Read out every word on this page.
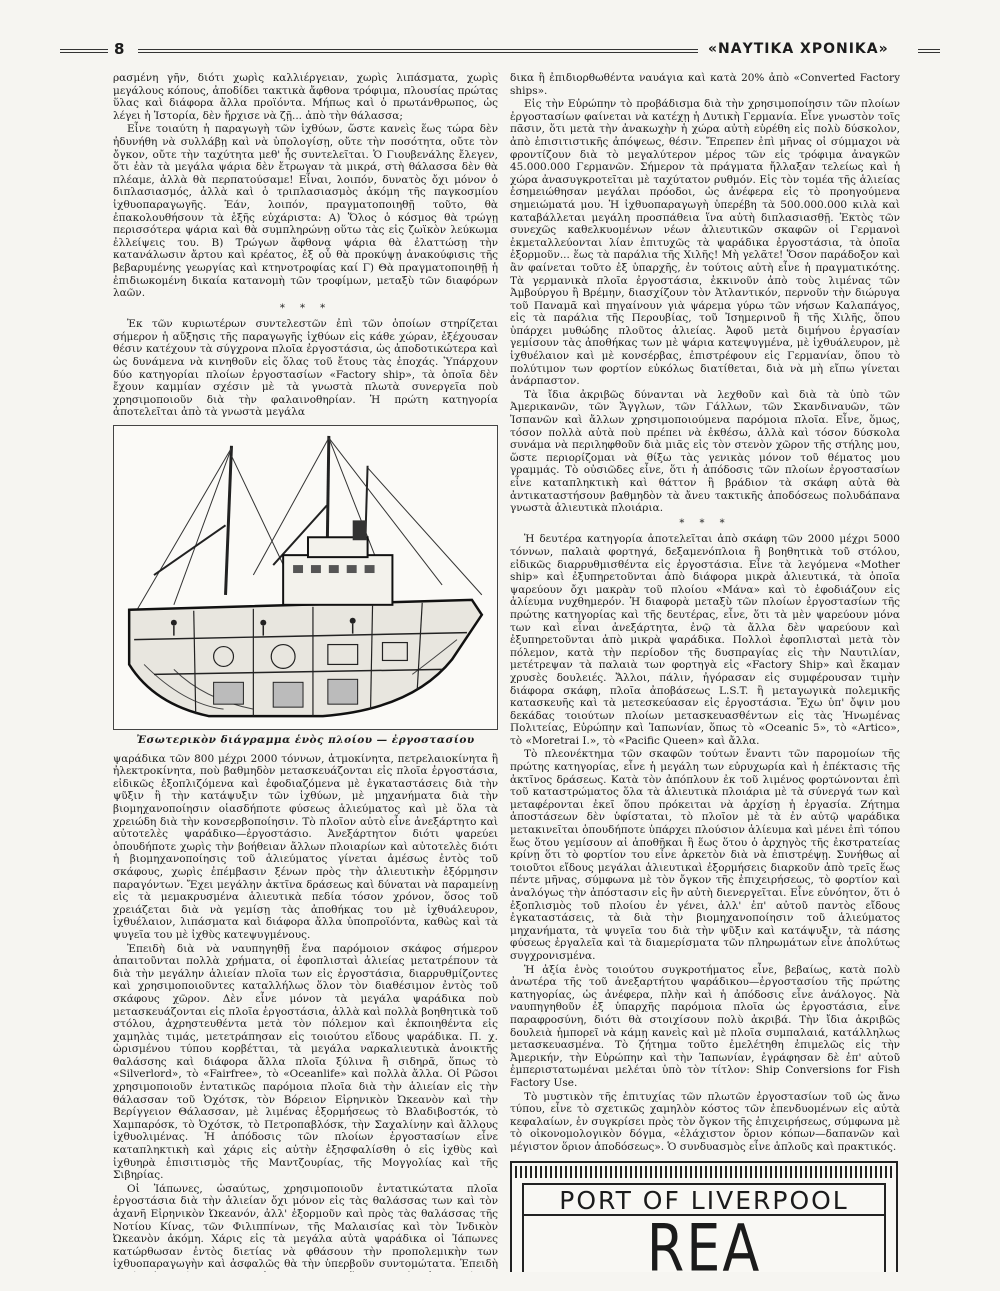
8	«ΝΑΥΤΙΚΑ ΧΡΟΝΙΚΑ»

ρασμένη γῆν, διότι χωρὶς καλλιέργειαν, χωρὶς λιπάσματα, χωρὶς μεγάλους κόπους, ἀποδίδει τακτικὰ ἄφθονα τρόφιμα, πλουσίας πρώτας ὕλας καὶ διάφορα ἄλλα προϊόντα. Μήπως καὶ ὁ πρωτάνθρωπος, ὡς λέγει ἡ Ἱστορία, δὲν ἤρχισε νὰ ζῇ... ἀπὸ τὴν θάλασσα;

Εἶνε τοιαύτη ἡ παραγωγὴ τῶν ἰχθύων, ὥστε κανεὶς ἕως τώρα δὲν ἠδυνήθη νὰ συλλάβῃ καὶ νὰ ὑπολογίσῃ, οὔτε τὴν ποσότητα, οὔτε τὸν ὄγκον, οὔτε τὴν ταχύτητα μεθ' ἧς συντελεῖται. Ὁ Γιουβενάλης ἔλεγεν, ὅτι ἐὰν τὰ μεγάλα ψάρια δὲν ἔτρωγαν τὰ μικρά, στὴ θάλασσα δὲν θὰ πλέαμε, ἀλλὰ θὰ περπατούσαμε! Εἶναι, λοιπόν, δυνατὸς ὄχι μόνον ὁ διπλασιασμός, ἀλλὰ καὶ ὁ τριπλασιασμὸς ἀκόμη τῆς παγκοσμίου ἰχθυοπαραγωγῆς. Ἐάν, λοιπόν, πραγματοποιηθῇ τοῦτο, θὰ ἐπακολουθήσουν τὰ ἑξῆς εὐχάριστα: Α) Ὅλος ὁ κόσμος θὰ τρώγῃ περισσότερα ψάρια καὶ θὰ συμπληρώνῃ οὕτω τὰς εἰς ζωϊκὸν λεύκωμα ἐλλείψεις του. Β) Τρώγων ἄφθονα ψάρια θὰ ἐλαττώσῃ τὴν κατανάλωσιν ἄρτου καὶ κρέατος, ἐξ οὗ θὰ προκύψῃ ἀνακούφισις τῆς βεβαρυμένης γεωργίας καὶ κτηνοτροφίας καί Γ) Θὰ πραγματοποιηθῇ ἡ ἐπιδιωκομένη δικαία κατανομὴ τῶν τροφίμων, μεταξὺ τῶν διαφόρων λαῶν.

* * *

Ἐκ τῶν κυριωτέρων συντελεστῶν ἐπὶ τῶν ὁποίων στηρίζεται σήμερον ἡ αὔξησις τῆς παραγωγῆς ἰχθύων εἰς κάθε χώραν, ἐξέχουσαν θέσιν κατέχουν τὰ σύγχρονα πλοῖα ἐργοστάσια, ὡς ἀποδοτικώτερα καὶ ὡς δυνάμενα νὰ κινηθοῦν εἰς ὅλας τοῦ ἔτους τὰς ἐποχάς. Ὑπάρχουν δύο κατηγορίαι πλοίων ἐργοστασίων «Factory ship», τὰ ὁποῖα δὲν ἔχουν καμμίαν σχέσιν μὲ τὰ γνωστὰ πλωτὰ συνεργεῖα ποὺ χρησιμοποιοῦν διὰ τὴν φαλαινοθηρίαν. Ἡ πρώτη κατηγορία ἀποτελεῖται ἀπὸ τὰ γνωστὰ μεγάλα

Ἐσωτερικὸν διάγραμμα ἑνὸς πλοίου — ἐργοστασίου

ψαράδικα τῶν 800 μέχρι 2000 τόννων, ἀτμοκίνητα, πετρελαιοκίνητα ἢ ἠλεκτροκίνητα, ποὺ βαθμηδὸν μετασκευάζονται εἰς πλοῖα ἐργοστάσια, εἰδικῶς ἐξοπλιζόμενα καὶ ἐφοδιαζόμενα μὲ ἐγκαταστάσεις διὰ τὴν ψῦξιν ἢ τὴν κατάψυξιν τῶν ἰχθύων, μὲ μηχανήματα διὰ τὴν βιομηχανοποίησιν οἱασδήποτε φύσεως ἁλιεύματος καὶ μὲ ὅλα τὰ χρειώδη διὰ τὴν κονσερβοποίησιν. Τὸ πλοῖον αὐτὸ εἶνε ἀνεξάρτητο καὶ αὐτοτελὲς ψαράδικο—ἐργοστάσιο. Ἀνεξάρτητον διότι ψαρεύει ὁπουδήποτε χωρὶς τὴν βοήθειαν ἄλλων πλοιαρίων καὶ αὐτοτελὲς διότι ἡ βιομηχανοποίησις τοῦ ἁλιεύματος γίνεται ἀμέσως ἐντὸς τοῦ σκάφους, χωρὶς ἐπέμβασιν ξένων πρὸς τὴν ἁλιευτικὴν ἐξόρμησιν παραγόντων. Ἔχει μεγάλην ἀκτῖνα δράσεως καὶ δύναται νὰ παραμείνῃ εἰς τὰ μεμακρυσμένα ἁλιευτικὰ πεδία τόσον χρόνον, ὅσος τοῦ χρειάζεται διὰ νὰ γεμίσῃ τὰς ἀποθήκας του μὲ ἰχθυάλευρον, ἰχθυέλαιον, λιπάσματα καὶ διάφορα ἄλλα ὑποπροϊόντα, καθὼς καὶ τὰ ψυγεῖα του μὲ ἰχθὺς κατεψυγμένους.

Ἐπειδὴ διὰ νὰ ναυπηγηθῇ ἕνα παρόμοιον σκάφος σήμερον ἀπαιτοῦνται πολλὰ χρήματα, οἱ ἐφοπλισταὶ ἁλιείας μετατρέπουν τὰ διὰ τὴν μεγάλην ἁλιείαν πλοῖα των εἰς ἐργοστάσια, διαρρυθμίζοντες καὶ χρησιμοποιοῦντες καταλλήλως ὅλον τὸν διαθέσιμον ἐντὸς τοῦ σκάφους χῶρον. Δὲν εἶνε μόνον τὰ μεγάλα ψαράδικα ποὺ μετασκευάζονται εἰς πλοῖα ἐργοστάσια, ἀλλὰ καὶ πολλὰ βοηθητικὰ τοῦ στόλου, ἀχρηστευθέντα μετὰ τὸν πόλεμον καὶ ἐκποιηθέντα εἰς χαμηλὰς τιμάς, μετετράπησαν εἰς τοιούτου εἴδους ψαράδικα. Π. χ. ὡρισμένου τύπου κορβέτται, τὰ μεγάλα ναρκαλιευτικὰ ἀνοικτῆς θαλάσσης καὶ διάφορα ἄλλα πλοῖα ξύλινα ἢ σιδηρᾶ, ὅπως τὸ «Silverlord», τὸ «Fairfree», τὸ «Oceanlife» καὶ πολλὰ ἄλλα. Οἱ Ρῶσοι χρησιμοποιοῦν ἐντατικῶς παρόμοια πλοῖα διὰ τὴν ἁλιείαν εἰς τὴν θάλασσαν τοῦ Ὀχότσκ, τὸν Βόρειον Εἰρηνικὸν Ὠκεανὸν καὶ τὴν Βερίγγειον Θάλασσαν, μὲ λιμένας ἐξορμήσεως τὸ Βλαδιβοστόκ, τὸ Χαμπαρόσκ, τὸ Ὀχότσκ, τὸ Πετροπαβλόσκ, τὴν Σαχαλίνην καὶ ἄλλους ἰχθυολιμένας. Ἡ ἀπόδοσις τῶν πλοίων ἐργοστασίων εἶνε καταπληκτικὴ καὶ χάρις εἰς αὐτὴν ἐξησφαλίσθη ὁ εἰς ἰχθὺς καὶ ἰχθυηρὰ ἐπισιτισμὸς τῆς Μαντζουρίας, τῆς Μογγολίας καὶ τῆς Σιβηρίας.

Οἱ Ἰάπωνες, ὡσαύτως, χρησιμοποιοῦν ἐντατικώτατα πλοῖα ἐργοστάσια διὰ τὴν ἁλιείαν ὄχι μόνον εἰς τὰς θαλάσσας των καὶ τὸν ἀχανῆ Εἰρηνικὸν Ὠκεανόν, ἀλλ' ἐξορμοῦν καὶ πρὸς τὰς θαλάσσας τῆς Νοτίου Κίνας, τῶν Φιλιππίνων, τῆς Μαλαισίας καὶ τὸν Ἰνδικὸν Ὠκεανὸν ἀκόμη. Χάρις εἰς τὰ μεγάλα αὐτὰ ψαράδικα οἱ Ἰάπωνες κατώρθωσαν ἐντὸς διετίας νὰ φθάσουν τὴν προπολεμικὴν των ἰχθυοπαραγωγὴν καὶ ἀσφαλῶς θὰ τὴν ὑπερβοῦν συντομώτατα. Ἐπειδὴ

δικα ἢ ἐπιδιορθωθέντα ναυάγια καὶ κατὰ 20% ἀπὸ «Converted Factory ships».

Εἰς τὴν Εὐρώπην τὸ προβάδισμα διὰ τὴν χρησιμοποίησιν τῶν πλοίων ἐργοστασίων φαίνεται νὰ κατέχῃ ἡ Δυτικὴ Γερμανία. Εἶνε γνωστὸν τοῖς πᾶσιν, ὅτι μετὰ τὴν ἀνακωχὴν ἡ χώρα αὐτὴ εὑρέθη εἰς πολὺ δύσκολον, ἀπὸ ἐπισιτιστικῆς ἀπόψεως, θέσιν. Ἔπρεπεν ἐπὶ μῆνας οἱ σύμμαχοι νὰ φροντίζουν διὰ τὸ μεγαλύτερον μέρος τῶν εἰς τρόφιμα ἀναγκῶν 45.000.000 Γερμανῶν. Σήμερον τὰ πράγματα ἤλλαξαν τελείως καὶ ἡ χώρα ἀνασυγκροτεῖται μὲ ταχύτατον ρυθμόν. Εἰς τὸν τομέα τῆς ἁλιείας ἐσημειώθησαν μεγάλαι πρόοδοι, ὡς ἀνέφερα εἰς τὸ προηγούμενα σημειώματά μου. Ἡ ἰχθυοπαραγωγὴ ὑπερέβη τὰ 500.000.000 κιλὰ καὶ καταβάλλεται μεγάλη προσπάθεια ἵνα αὐτὴ διπλασιασθῇ. Ἐκτὸς τῶν συνεχῶς καθελκυομένων νέων ἁλιευτικῶν σκαφῶν οἱ Γερμανοὶ ἐκμεταλλεύονται λίαν ἐπιτυχῶς τὰ ψαράδικα ἐργοστάσια, τὰ ὁποῖα ἐξορμοῦν... ἕως τὰ παράλια τῆς Χιλῆς! Μὴ γελᾶτε! Ὅσον παράδοξον καὶ ἂν φαίνεται τοῦτο ἐξ ὑπαρχῆς, ἐν τούτοις αὐτὴ εἶνε ἡ πραγματικότης. Τὰ γερμανικὰ πλοῖα ἐργοστάσια, ἐκκινοῦν ἀπὸ τοὺς λιμένας τῶν Ἀμβούργου ἢ Βρέμην, διασχίζουν τὸν Ἀτλαντικόν, περνοῦν τὴν διώρυγα τοῦ Παναμᾶ καὶ πηγαίνουν γιὰ ψάρεμα γύρω τῶν νήσων Καλαπάγος, εἰς τὰ παράλια τῆς Περουβίας, τοῦ Ἰσημερινοῦ ἢ τῆς Χιλῆς, ὅπου ὑπάρχει μυθώδης πλοῦτος ἁλιείας. Ἀφοῦ μετὰ διμήνου ἐργασίαν γεμίσουν τὰς ἀποθήκας των μὲ ψάρια κατεψυγμένα, μὲ ἰχθυάλευρον, μὲ ἰχθυέλαιον καὶ μὲ κονσέρβας, ἐπιστρέφουν εἰς Γερμανίαν, ὅπου τὸ πολύτιμον των φορτίον εὐκόλως διατίθεται, διὰ νὰ μὴ εἴπω γίνεται ἀνάρπαστον.

Τὰ ἴδια ἀκριβῶς δύνανται νὰ λεχθοῦν καὶ διὰ τὰ ὑπὸ τῶν Ἀμερικανῶν, τῶν Ἄγγλων, τῶν Γάλλων, τῶν Σκανδιναυῶν, τῶν Ἰσπανῶν καὶ ἄλλων χρησιμοποιούμενα παρόμοια πλοῖα. Εἶνε, ὅμως, τόσον πολλὰ αὐτὰ ποὺ πρέπει νὰ ἐκθέσω, ἀλλὰ καὶ τόσον δύσκολα συνάμα νὰ περιληφθοῦν διὰ μιᾶς εἰς τὸν στενὸν χῶρον τῆς στήλης μου, ὥστε περιορίζομαι νὰ θίξω τὰς γενικὰς μόνον τοῦ θέματος μου γραμμάς. Τὸ οὐσιῶδες εἶνε, ὅτι ἡ ἀπόδοσις τῶν πλοίων ἐργοστασίων εἶνε καταπληκτικὴ καὶ θάττον ἢ βράδιον τὰ σκάφη αὐτὰ θὰ ἀντικαταστήσουν βαθμηδὸν τὰ ἄνευ τακτικῆς ἀποδόσεως πολυδάπανα γνωστὰ ἁλιευτικὰ πλοιάρια.

* * *

Ἡ δευτέρα κατηγορία ἀποτελεῖται ἀπὸ σκάφη τῶν 2000 μέχρι 5000 τόννων, παλαιὰ φορτηγά, δεξαμενόπλοια ἢ βοηθητικὰ τοῦ στόλου, εἰδικῶς διαρρυθμισθέντα εἰς ἐργοστάσια. Εἶνε τὰ λεγόμενα «Mother ship» καὶ ἐξυπηρετοῦνται ἀπὸ διάφορα μικρὰ ἁλιευτικά, τὰ ὁποῖα ψαρεύουν ὄχι μακρὰν τοῦ πλοίου «Μάνα» καὶ τὸ ἐφοδιάζουν εἰς ἁλίευμα νυχθημερόν. Ἡ διαφορὰ μεταξὺ τῶν πλοίων ἐργοστασίων τῆς πρώτης κατηγορίας καὶ τῆς δευτέρας, εἶνε, ὅτι τὰ μὲν ψαρεύουν μόνα των καὶ εἶναι ἀνεξάρτητα, ἐνῷ τὰ ἄλλα δὲν ψαρεύουν καὶ ἐξυπηρετοῦνται ἀπὸ μικρὰ ψαράδικα. Πολλοὶ ἐφοπλισταὶ μετὰ τὸν πόλεμον, κατὰ τὴν περίοδον τῆς δυσπραγίας εἰς τὴν Ναυτιλίαν, μετέτρεψαν τὰ παλαιὰ των φορτηγὰ εἰς «Factory Ship» καὶ ἔκαμαν χρυσὲς δουλειές. Ἄλλοι, πάλιν, ἠγόρασαν εἰς συμφέρουσαν τιμὴν διάφορα σκάφη, πλοῖα ἀποβάσεως L.S.T. ἢ μεταγωγικὰ πολεμικῆς κατασκευῆς καὶ τὰ μετεσκεύασαν εἰς ἐργοστάσια. Ἔχω ὑπ' ὄψιν μου δεκάδας τοιούτων πλοίων μετασκευασθέντων εἰς τὰς Ἡνωμένας Πολιτείας, Εὐρώπην καὶ Ἰαπωνίαν, ὅπως τὸ «Oceanic 5», τὸ «Artico», τὸ «Moretrai I.», τὸ «Pacific Queen» καὶ ἄλλα.

Τὸ πλεονέκτημα τῶν σκαφῶν τούτων ἔναντι τῶν παρομοίων τῆς πρώτης κατηγορίας, εἶνε ἡ μεγάλη των εὐρυχωρία καὶ ἡ ἐπέκτασις τῆς ἀκτῖνος δράσεως. Κατὰ τὸν ἀπόπλουν ἐκ τοῦ λιμένος φορτώνονται ἐπὶ τοῦ καταστρώματος ὅλα τὰ ἁλιευτικὰ πλοιάρια μὲ τὰ σύνεργά των καὶ μεταφέρονται ἐκεῖ ὅπου πρόκειται νὰ ἀρχίσῃ ἡ ἐργασία. Ζήτημα ἀποστάσεων δὲν ὑφίσταται, τὸ πλοῖον μὲ τὰ ἐν αὐτῷ ψαράδικα μετακινεῖται ὁπουδήποτε ὑπάρχει πλούσιον ἁλίευμα καὶ μένει ἐπὶ τόπου ἕως ὅτου γεμίσουν αἱ ἀποθῆκαι ἢ ἕως ὅτου ὁ ἀρχηγὸς τῆς ἐκστρατείας κρίνῃ ὅτι τὸ φορτίον του εἶνε ἀρκετὸν διὰ νὰ ἐπιστρέψῃ. Συνήθως αἱ τοιοῦτοι εἴδους μεγάλαι ἁλιευτικαὶ ἐξορμήσεις διαρκοῦν ἀπὸ τρεῖς ἕως πέντε μῆνας, σύμφωνα μὲ τὸν ὄγκον τῆς ἐπιχειρήσεως, τὸ φορτίον καὶ ἀναλόγως τὴν ἀπόστασιν εἰς ἣν αὐτὴ διενεργεῖται. Εἶνε εὐνόητον, ὅτι ὁ ἐξοπλισμὸς τοῦ πλοίου ἐν γένει, ἀλλ' ἐπ' αὐτοῦ παντὸς εἴδους ἐγκαταστάσεις, τὰ διὰ τὴν βιομηχανοποίησιν τοῦ ἁλιεύματος μηχανήματα, τὰ ψυγεῖα του διὰ τὴν ψῦξιν καὶ κατάψυξιν, τὰ πάσης φύσεως ἐργαλεῖα καὶ τὰ διαμερίσματα τῶν πληρωμάτων εἶνε ἀπολύτως συγχρονισμένα.

Ἡ ἀξία ἑνὸς τοιούτου συγκροτήματος εἶνε, βεβαίως, κατὰ πολὺ ἀνωτέρα τῆς τοῦ ἀνεξαρτήτου ψαράδικου—ἐργοστασίου τῆς πρώτης κατηγορίας, ὡς ἀνέφερα, πλὴν καὶ ἡ ἀπόδοσις εἶνε ἀνάλογος. Νὰ ναυπηγηθοῦν ἐξ ὑπαρχῆς παρόμοια πλοῖα ὡς ἐργοστάσια, εἶνε παραφροσύνη, διότι θὰ στοιχίσουν πολὺ ἀκριβά. Τὴν ἴδια ἀκριβῶς δουλειὰ ἠμπορεῖ νὰ κάμῃ κανεὶς καὶ μὲ πλοῖα συμπαλαιά, κατάλληλως μετασκευασμένα. Τὸ ζήτημα τοῦτο ἐμελέτηθη ἐπιμελῶς εἰς τὴν Ἀμερικήν, τὴν Εὐρώπην καὶ τὴν Ἰαπωνίαν, ἐγράφησαν δὲ ἐπ' αὐτοῦ ἐμπεριστατωμέναι μελέται ὑπὸ τὸν τίτλον: Ship Conversions for Fish Factory Use.

Τὸ μυστικὸν τῆς ἐπιτυχίας τῶν πλωτῶν ἐργοστασίων τοῦ ὡς ἄνω τύπου, εἶνε τὸ σχετικῶς χαμηλὸν κόστος τῶν ἐπενδυομένων εἰς αὐτὰ κεφαλαίων, ἐν συγκρίσει πρὸς τὸν ὄγκον τῆς ἐπιχειρήσεως, σύμφωνα μὲ τὸ οἰκονομολογικὸν δόγμα, «ἐλάχιστον ὅριον κόπων—δαπανῶν καὶ μέγιστον ὅριον ἀποδόσεως». Ὁ συνδυασμὸς εἶνε ἁπλοῦς καὶ πρακτικός.

PORT OF LIVERPOOL
REA
